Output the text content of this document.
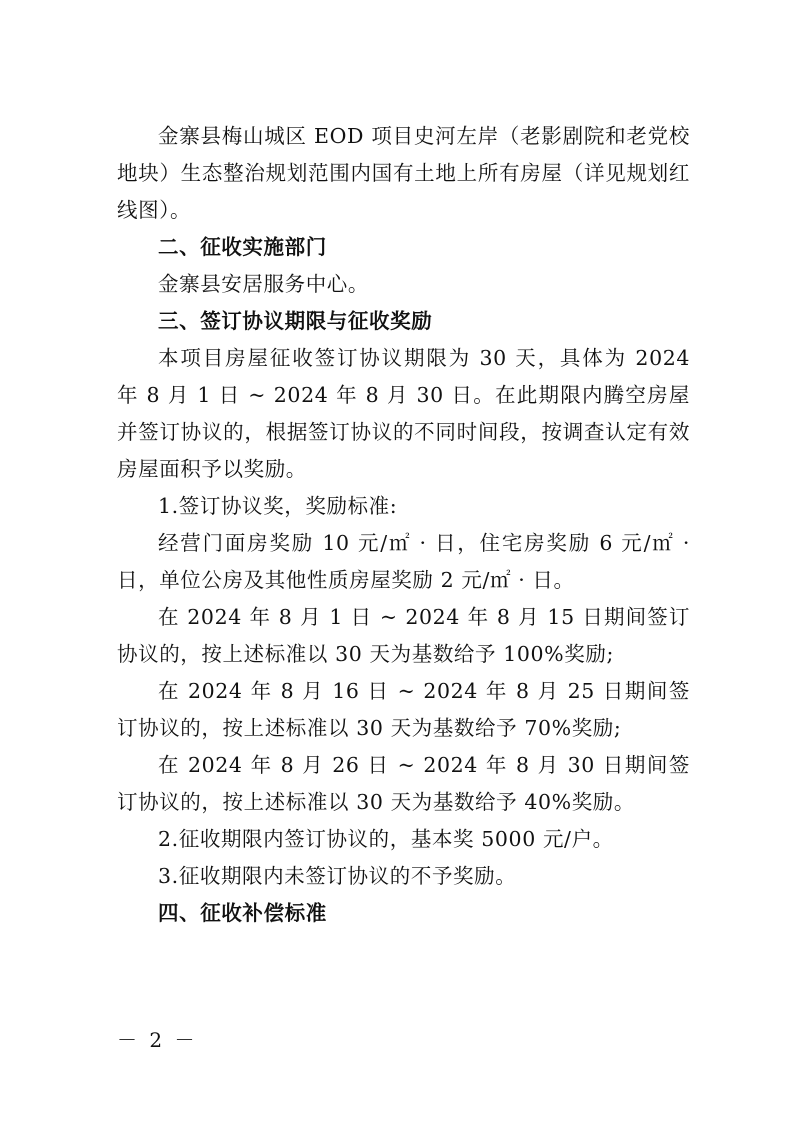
金寨县梅山城区 EOD 项目史河左岸（老影剧院和老党校地块）生态整治规划范围内国有土地上所有房屋（详见规划红线图）。

二、征收实施部门

金寨县安居服务中心。

三、签订协议期限与征收奖励

本项目房屋征收签订协议期限为 30 天，具体为 2024 年 8 月 1 日 ~ 2024 年 8 月 30 日。在此期限内腾空房屋并签订协议的，根据签订协议的不同时间段，按调查认定有效房屋面积予以奖励。

1.签订协议奖，奖励标准:

经营门面房奖励 10 元/㎡ · 日，住宅房奖励 6 元/㎡ · 日，单位公房及其他性质房屋奖励 2 元/㎡ · 日。

在 2024 年 8 月 1 日 ~ 2024 年 8 月 15 日期间签订协议的，按上述标准以 30 天为基数给予 100%奖励;

在 2024 年 8 月 16 日 ~ 2024 年 8 月 25 日期间签订协议的，按上述标准以 30 天为基数给予 70%奖励;

在 2024 年 8 月 26 日 ~ 2024 年 8 月 30 日期间签订协议的，按上述标准以 30 天为基数给予 40%奖励。

2.征收期限内签订协议的，基本奖 5000 元/户。

3.征收期限内未签订协议的不予奖励。

四、征收补偿标准

－ 2 －
